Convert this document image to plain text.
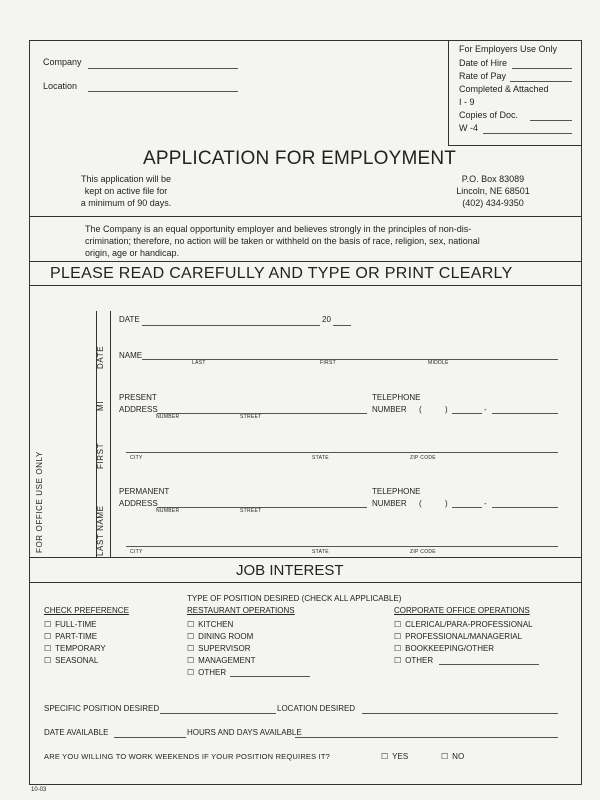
Company
Location
For Employers Use Only
Date of Hire
Rate of Pay
Completed & Attached
I - 9
Copies of Doc.
W -4
APPLICATION FOR EMPLOYMENT
This application will be
kept on active file for
a minimum of 90 days.
P.O. Box 83089
Lincoln, NE 68501
(402) 434-9350
The Company is an equal opportunity employer and believes strongly in the principles of non-dis-
crimination; therefore, no action will be taken or withheld on the basis of race, religion, sex, national
origin, age or handicap.
PLEASE READ CAREFULLY AND TYPE OR PRINT CLEARLY
FOR OFFICE USE ONLY
DATE
MI
FIRST
LAST NAME
DATE	20
NAME
LAST	FIRST	MIDDLE
PRESENT
ADDRESS
NUMBER	STREET
TELEPHONE
NUMBER (	)	-
CITY	STATE	ZIP CODE
PERMANENT
ADDRESS
NUMBER	STREET
TELEPHONE
NUMBER (	)	-
CITY	STATE	ZIP CODE
JOB INTEREST
TYPE OF POSITION DESIRED (CHECK ALL APPLICABLE)
CHECK PREFERENCE
☐ FULL-TIME
☐ PART-TIME
☐ TEMPORARY
☐ SEASONAL
RESTAURANT OPERATIONS
☐ KITCHEN
☐ DINING ROOM
☐ SUPERVISOR
☐ MANAGEMENT
☐ OTHER
CORPORATE OFFICE OPERATIONS
☐ CLERICAL/PARA-PROFESSIONAL
☐ PROFESSIONAL/MANAGERIAL
☐ BOOKKEEPING/OTHER
☐ OTHER
SPECIFIC POSITION DESIRED	LOCATION DESIRED
DATE AVAILABLE	HOURS AND DAYS AVAILABLE
ARE YOU WILLING TO WORK WEEKENDS IF YOUR POSITION REQUIRES IT?	☐ YES	☐ NO
10-03
